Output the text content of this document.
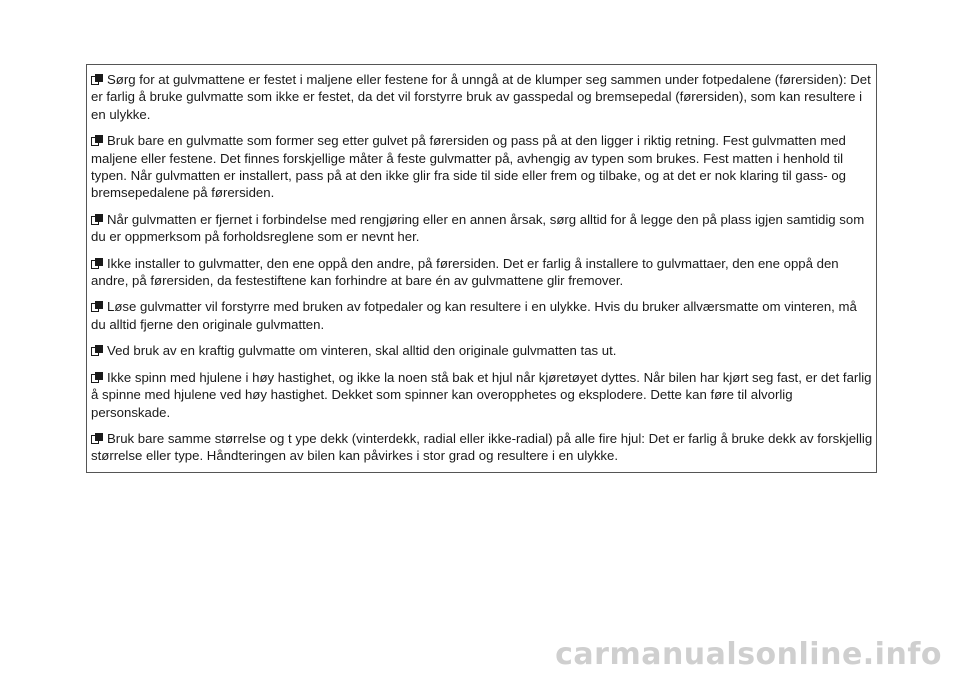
Sørg for at gulvmattene er festet i maljene eller festene for å unngå at de klumper seg sammen under fotpedalene (førersiden): Det er farlig å bruke gulvmatte som ikke er festet, da det vil forstyrre bruk av gasspedal og bremsepedal (førersiden), som kan resultere i en ulykke.

Bruk bare en gulvmatte som former seg etter gulvet på førersiden og pass på at den ligger i riktig retning. Fest gulvmatten med maljene eller festene. Det finnes forskjellige måter å feste gulvmatter på, avhengig av typen som brukes. Fest matten i henhold til typen. Når gulvmatten er installert, pass på at den ikke glir fra side til side eller frem og tilbake, og at det er nok klaring til gass- og bremsepedalene på førersiden.

Når gulvmatten er fjernet i forbindelse med rengjøring eller en annen årsak, sørg alltid for å legge den på plass igjen samtidig som du er oppmerksom på forholdsreglene som er nevnt her.

Ikke installer to gulvmatter, den ene oppå den andre, på førersiden. Det er farlig å installere to gulvmattaer, den ene oppå den andre, på førersiden, da festestiftene kan forhindre at bare én av gulvmattene glir fremover.

Løse gulvmatter vil forstyrre med bruken av fotpedaler og kan resultere i en ulykke. Hvis du bruker allværsmatte om vinteren, må du alltid fjerne den originale gulvmatten.

Ved bruk av en kraftig gulvmatte om vinteren, skal alltid den originale gulvmatten tas ut.

Ikke spinn med hjulene i høy hastighet, og ikke la noen stå bak et hjul når kjøretøyet dyttes. Når bilen har kjørt seg fast, er det farlig å spinne med hjulene ved høy hastighet. Dekket som spinner kan overopphetes og eksplodere. Dette kan føre til alvorlig personskade.

Bruk bare samme størrelse og t ype dekk (vinterdekk, radial eller ikke-radial) på alle fire hjul: Det er farlig å bruke dekk av forskjellig størrelse eller type. Håndteringen av bilen kan påvirkes i stor grad og resultere i en ulykke.

carmanualsonline.info
